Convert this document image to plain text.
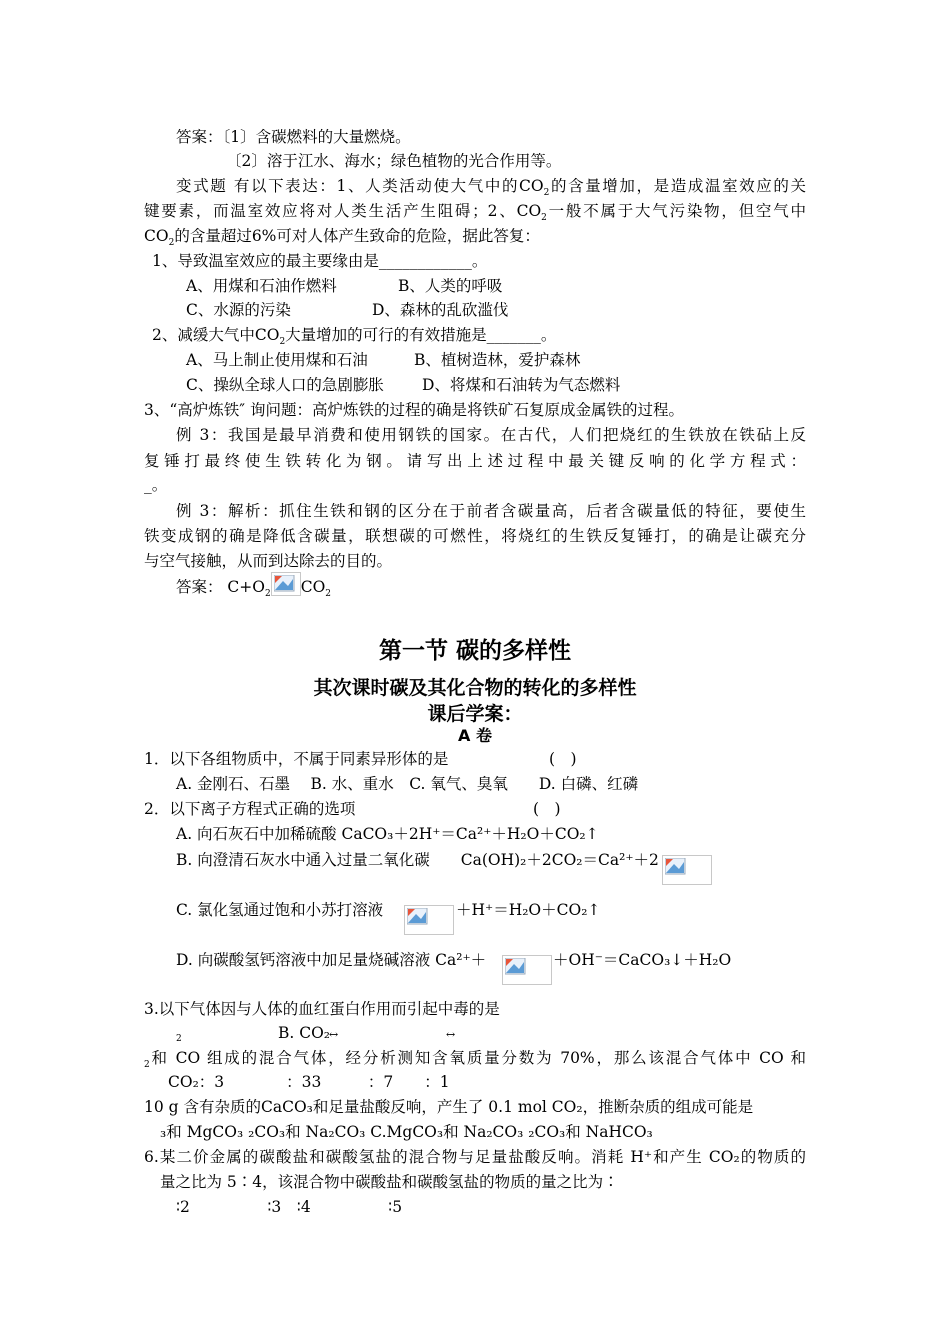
答案：〔1〕含碳燃料的大量燃烧。
〔2〕溶于江水、海水；绿色植物的光合作用等。
变式题 有以下表达：1、人类活动使大气中的$CO_2$的含量增加，是造成温室效应的关
键要素，而温室效应将对人类生活产生阻碍；2、$CO_2$一般不属于大气污染物，但空气中
$CO_2$的含量超过6%可对人体产生致命的危险，据此答复：
1、导致温室效应的最主要缘由是____________。
A、用煤和石油作燃料	B、人类的呼吸
C、水源的污染	D、森林的乱砍滥伐
2、减缓大气中$CO_2$大量增加的可行的有效措施是_______。
A、马上制止使用煤和石油	B、植树造林，爱护森林
C、操纵全球人口的急剧膨胀 D、将煤和石油转为气态燃料
3、“高炉炼铁″ 询问题：高炉炼铁的过程的确是将铁矿石复原成金属铁的过程。
例 3：我国是最早消费和使用钢铁的国家。在古代，人们把烧红的生铁放在铁砧上反
复锤打最终使生铁转化为钢。请写出上述过程中最关键反响的化学方程式：
_。
例 3：解析：抓住生铁和钢的区分在于前者含碳量高，后者含碳量低的特征，要使生
铁变成钢的确是降低含碳量，联想碳的可燃性，将烧红的生铁反复锤打，的确是让碳充分
与空气接触，从而到达除去的目的。
答案： $C+O_2$ $CO_2$
第一节 碳的多样性
其次课时碳及其化合物的转化的多样性
课后学案：
A 卷
1．以下各组物质中，不属于同素异形体的是	(　)
A. 金刚石、石墨　 B. 水、重水　C. 氧气、臭氧　　D. 白磷、红磷
2．以下离子方程式正确的选项	(　)
A. 向石灰石中加稀硫酸 CaCO₃＋2H⁺＝Ca²⁺＋H₂O＋CO₂↑
B. 向澄清石灰水中通入过量二氧化碳　　Ca(OH)₂＋2CO₂＝Ca²⁺＋2
C. 氯化氢通过饱和小苏打溶液	＋H⁺＝H₂O＋CO₂↑
D. 向碳酸氢钙溶液中加足量烧碱溶液 Ca²⁺＋	＋OH⁻＝CaCO₃↓＋H₂O
3.以下气体因与人体的血红蛋白作用而引起中毒的是
2	B. CO₂
↔	↔
$_2$和 CO 组成的混合气体，经分析测知含氧质量分数为 70%，那么该混合气体中 CO 和
CO₂：3　　　　：33　　　：7　　：1
10 g 含有杂质的CaCO₃和足量盐酸反响，产生了 0.1 mol CO₂，推断杂质的组成可能是
₃和 MgCO₃ ₂CO₃和 Na₂CO₃ C.MgCO₃和 Na₂CO₃ ₂CO₃和 NaHCO₃
6.某二价金属的碳酸盐和碳酸氢盐的混合物与足量盐酸反响。消耗 H⁺和产生 CO₂的物质的
量之比为 5∶4，该混合物中碳酸盐和碳酸氢盐的物质的量之比为∶
∶2　　　　　∶3　∶4　　　　　∶5
